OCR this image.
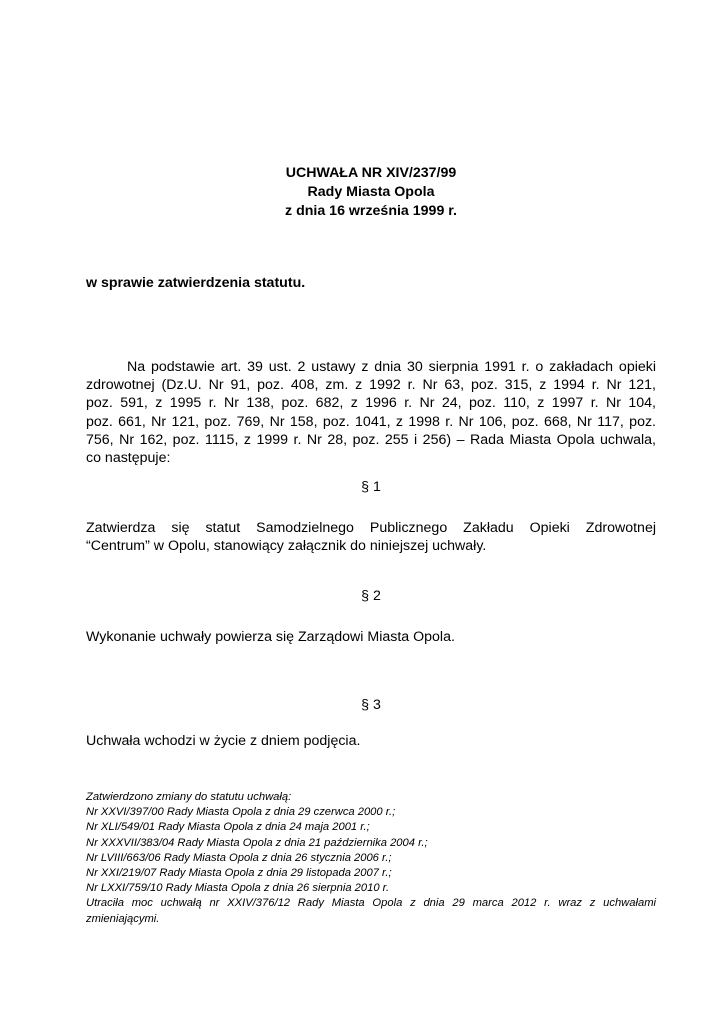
UCHWAŁA NR XIV/237/99
Rady Miasta Opola
z dnia 16 września 1999 r.
w sprawie zatwierdzenia statutu.
Na podstawie art. 39 ust. 2 ustawy z dnia 30 sierpnia 1991 r. o zakładach opieki
zdrowotnej (Dz.U. Nr 91, poz. 408, zm. z 1992 r. Nr 63, poz. 315, z 1994 r. Nr 121,
poz. 591, z 1995 r. Nr 138, poz. 682, z 1996 r. Nr 24, poz. 110, z 1997 r. Nr 104,
poz. 661, Nr 121, poz. 769, Nr 158, poz. 1041, z 1998 r. Nr 106, poz. 668, Nr 117, poz.
756, Nr 162, poz. 1115, z 1999 r. Nr 28, poz. 255 i 256) – Rada Miasta Opola uchwala,
co następuje:
§ 1
Zatwierdza się statut Samodzielnego Publicznego Zakładu Opieki Zdrowotnej
“Centrum” w Opolu, stanowiący załącznik do niniejszej uchwały.
§ 2
Wykonanie uchwały powierza się Zarządowi Miasta Opola.
§ 3
Uchwała wchodzi w życie z dniem podjęcia.
Zatwierdzono zmiany do statutu uchwałą:
Nr XXVI/397/00 Rady Miasta Opola z dnia 29 czerwca 2000 r.;
Nr XLI/549/01 Rady Miasta Opola z dnia 24 maja 2001 r.;
Nr XXXVII/383/04 Rady Miasta Opola z dnia 21 października 2004 r.;
Nr LVIII/663/06 Rady Miasta Opola z dnia 26 stycznia 2006 r.;
Nr XXI/219/07 Rady Miasta Opola z dnia 29 listopada 2007 r.;
Nr LXXI/759/10 Rady Miasta Opola z dnia 26 sierpnia 2010 r.
Utraciła moc uchwałą nr XXIV/376/12 Rady Miasta Opola z dnia 29 marca 2012 r. wraz z uchwałami
zmieniającymi.
